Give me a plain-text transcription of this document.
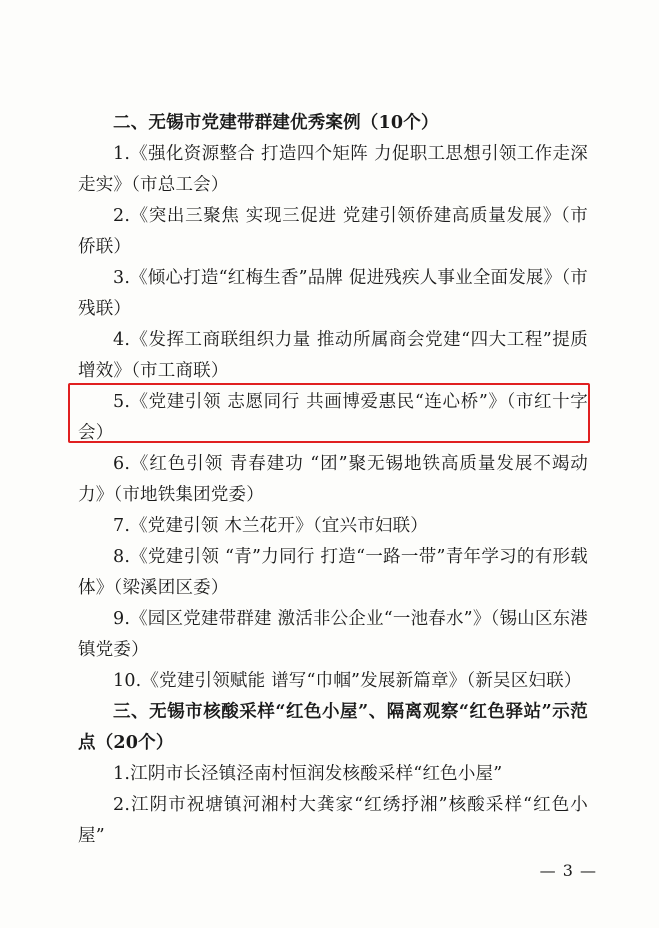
二、无锡市党建带群建优秀案例（10个）

1.《强化资源整合 打造四个矩阵 力促职工思想引领工作走深走实》（市总工会）

2.《突出三聚焦 实现三促进 党建引领侨建高质量发展》（市侨联）

3.《倾心打造“红梅生香”品牌 促进残疾人事业全面发展》（市残联）

4.《发挥工商联组织力量 推动所属商会党建“四大工程”提质增效》（市工商联）

5.《党建引领 志愿同行 共画博爱惠民“连心桥”》（市红十字会）

6.《红色引领 青春建功 “团”聚无锡地铁高质量发展不竭动力》（市地铁集团党委）

7.《党建引领 木兰花开》（宜兴市妇联）

8.《党建引领 “青”力同行 打造“一路一带”青年学习的有形载体》（梁溪团区委）

9.《园区党建带群建 激活非公企业“一池春水”》（锡山区东港镇党委）

10.《党建引领赋能 谱写“巾帼”发展新篇章》（新吴区妇联）

三、无锡市核酸采样“红色小屋”、隔离观察“红色驿站”示范点（20个）

1.江阴市长泾镇泾南村恒润发核酸采样“红色小屋”

2.江阴市祝塘镇河湘村大龚家“红绣抒湘”核酸采样“红色小屋”

— 3 —
